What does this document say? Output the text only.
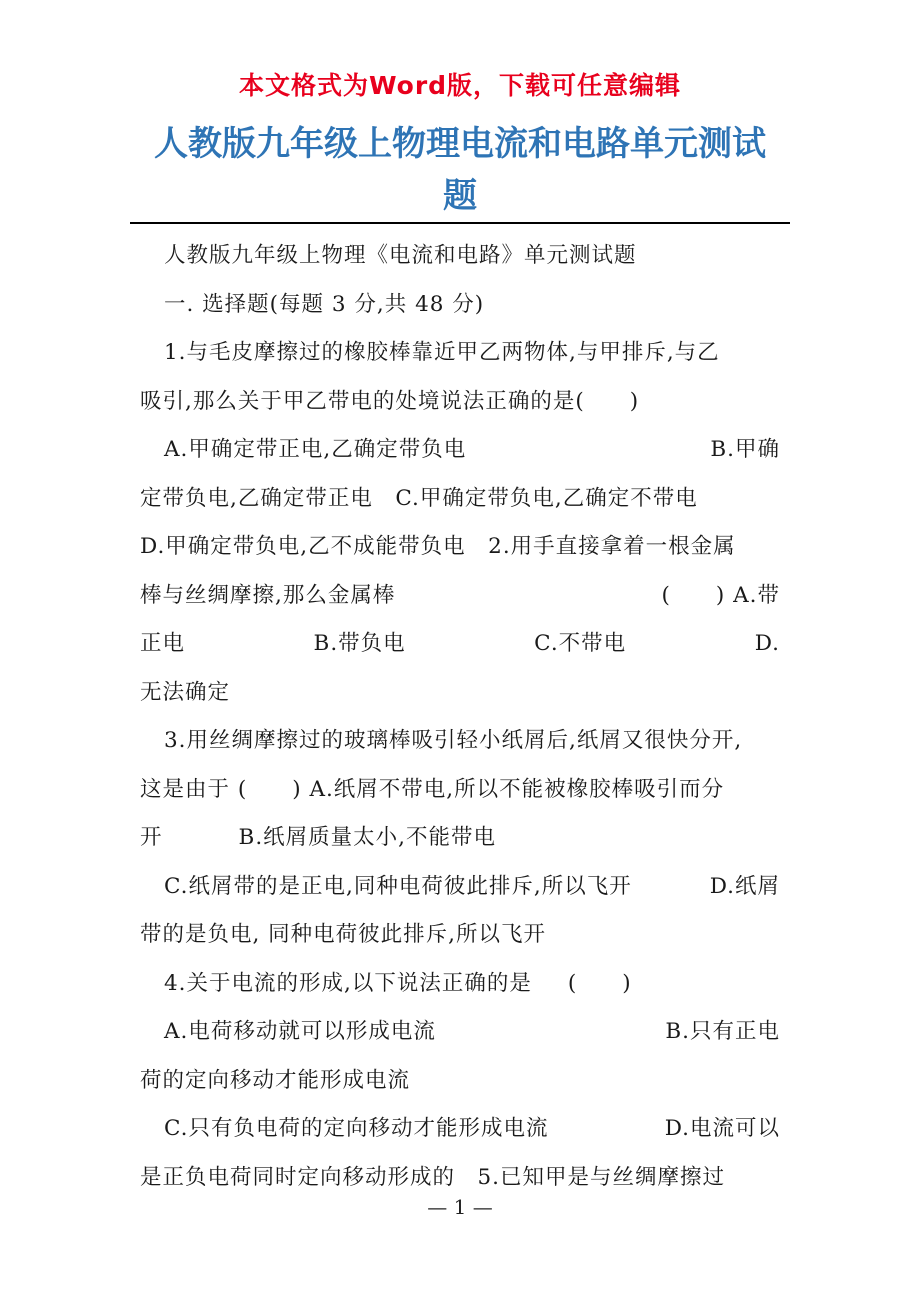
本文格式为Word版，下载可任意编辑
人教版九年级上物理电流和电路单元测试
题
人教版九年级上物理《电流和电路》单元测试题
一. 选择题(每题 3 分,共 48 分)
1.与毛皮摩擦过的橡胶棒靠近甲乙两物体,与甲排斥,与乙
吸引,那么关于甲乙带电的处境说法正确的是(　　)
A.甲确定带正电,乙确定带负电	B.甲确
定带负电,乙确定带正电　C.甲确定带负电,乙确定不带电
D.甲确定带负电,乙不成能带负电　2.用手直接拿着一根金属
棒与丝绸摩擦,那么金属棒	(　　) A.带
正电	B.带负电	C.不带电	D.
无法确定
3.用丝绸摩擦过的玻璃棒吸引轻小纸屑后,纸屑又很快分开,
这是由于 (　　) A.纸屑不带电,所以不能被橡胶棒吸引而分
开	B.纸屑质量太小,不能带电
C.纸屑带的是正电,同种电荷彼此排斥,所以飞开	D.纸屑
带的是负电, 同种电荷彼此排斥,所以飞开
4.关于电流的形成,以下说法正确的是 (　　)
A.电荷移动就可以形成电流	B.只有正电
荷的定向移动才能形成电流
C.只有负电荷的定向移动才能形成电流	D.电流可以
是正负电荷同时定向移动形成的　5.已知甲是与丝绸摩擦过
— 1 —
